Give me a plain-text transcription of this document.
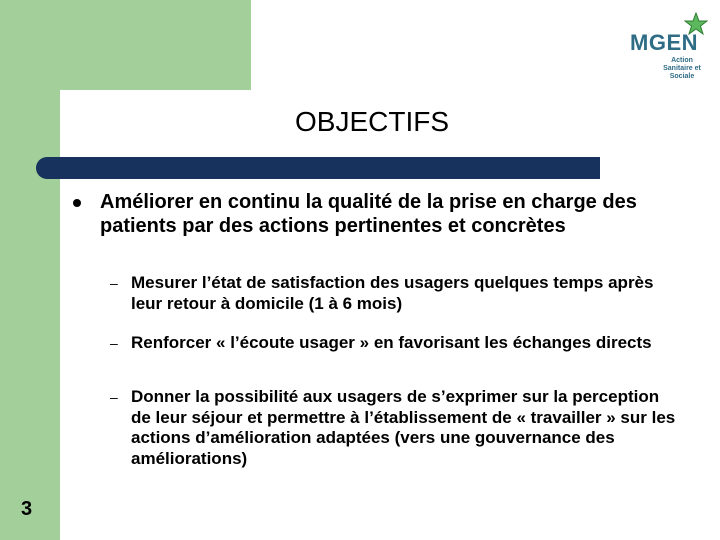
MGEN
Action
Sanitaire et Sociale
OBJECTIFS
Améliorer en continu la qualité de la prise en charge des patients par des actions pertinentes et concrètes
– Mesurer l’état de satisfaction des usagers quelques temps après leur retour à domicile (1 à 6 mois)
– Renforcer « l’écoute usager » en favorisant les échanges directs
– Donner la possibilité aux usagers de s’exprimer sur la perception de leur séjour et permettre à l’établissement de « travailler » sur les actions d’amélioration adaptées (vers une gouvernance des améliorations)
3
